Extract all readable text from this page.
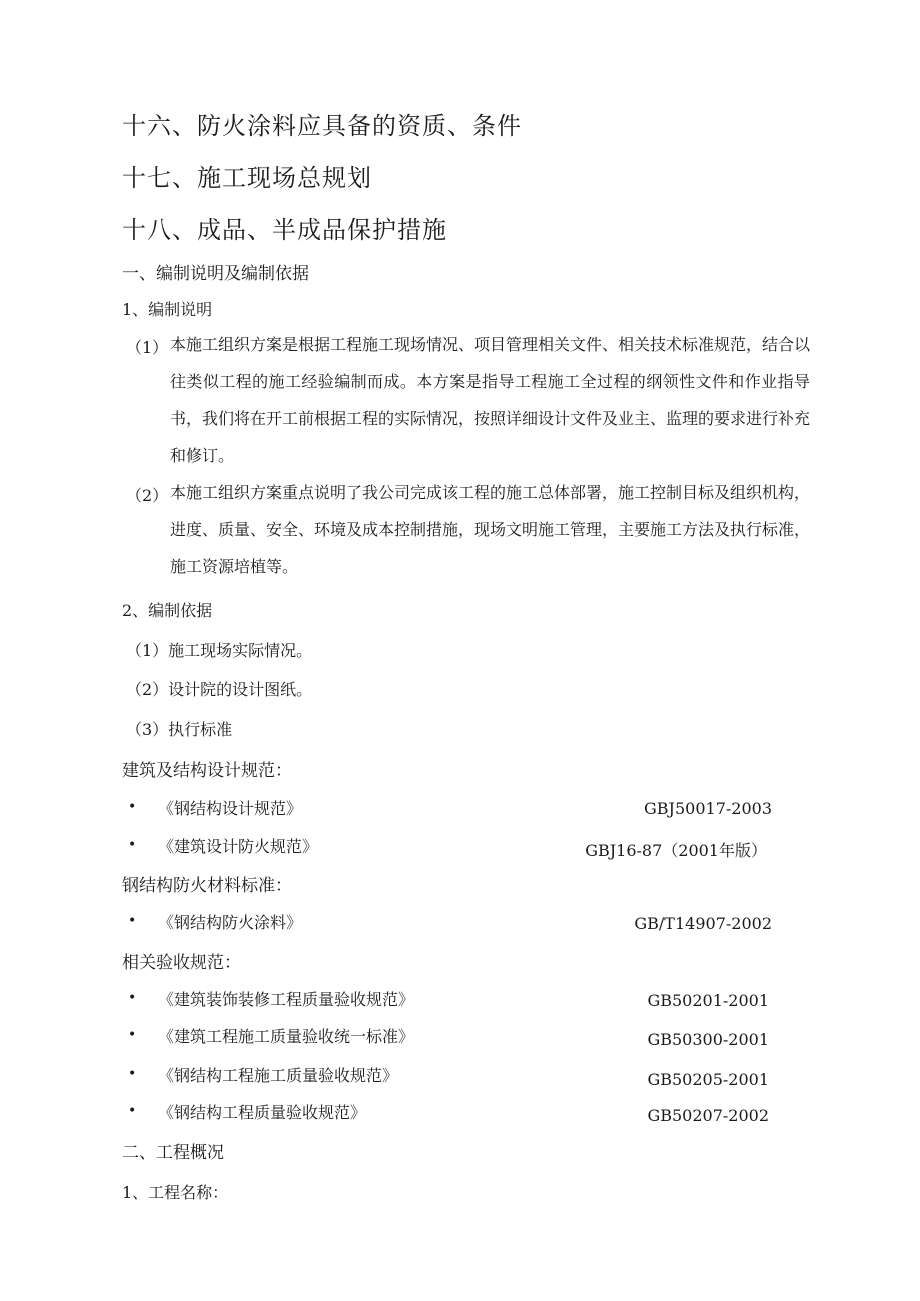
十六、防火涂料应具备的资质、条件
十七、施工现场总规划
十八、成品、半成品保护措施
一、编制说明及编制依据
1、编制说明
（1） 本施工组织方案是根据工程施工现场情况、项目管理相关文件、相关技术标准规范，结合以往类似工程的施工经验编制而成。本方案是指导工程施工全过程的纲领性文件和作业指导书，我们将在开工前根据工程的实际情况，按照详细设计文件及业主、监理的要求进行补充和修订。
（2） 本施工组织方案重点说明了我公司完成该工程的施工总体部署，施工控制目标及组织机构，进度、质量、安全、环境及成本控制措施，现场文明施工管理，主要施工方法及执行标准，施工资源培植等。
2、编制依据
（1）施工现场实际情况。
（2）设计院的设计图纸。
（3）执行标准
建筑及结构设计规范：
• 《钢结构设计规范》	GBJ50017-2003
• 《建筑设计防火规范》	GBJ16-87（2001年版）
钢结构防火材料标准：
• 《钢结构防火涂料》	GB/T14907-2002
相关验收规范：
• 《建筑装饰装修工程质量验收规范》	GB50201-2001
• 《建筑工程施工质量验收统一标准》	GB50300-2001
• 《钢结构工程施工质量验收规范》	GB50205-2001
• 《钢结构工程质量验收规范》	GB50207-2002
二、工程概况
1、工程名称：
